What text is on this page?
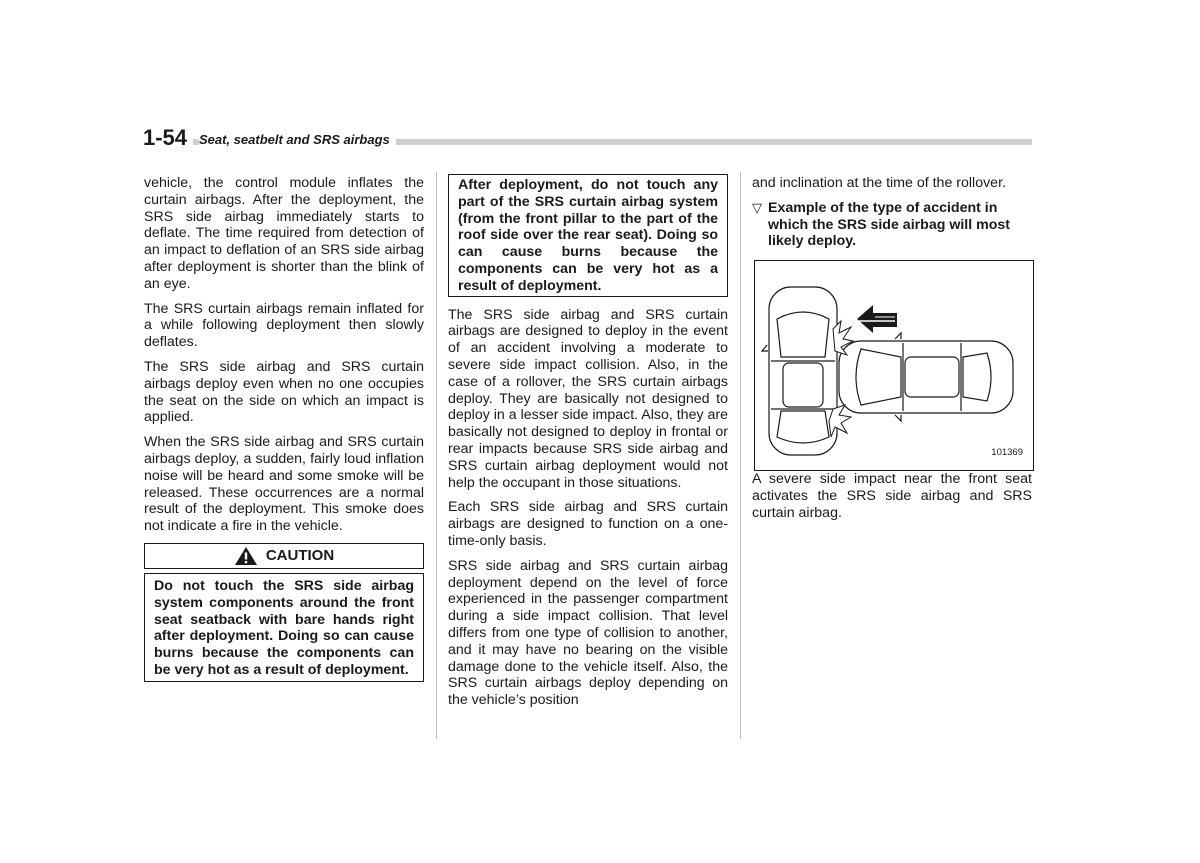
1-54 Seat, seatbelt and SRS airbags

vehicle, the control module inflates the curtain airbags. After the deployment, the SRS side airbag immediately starts to deflate. The time required from detection of an impact to deflation of an SRS side airbag after deployment is shorter than the blink of an eye.

The SRS curtain airbags remain inflated for a while following deployment then slowly deflates.

The SRS side airbag and SRS curtain airbags deploy even when no one occupies the seat on the side on which an impact is applied.

When the SRS side airbag and SRS curtain airbags deploy, a sudden, fairly loud inflation noise will be heard and some smoke will be released. These occurrences are a normal result of the deployment. This smoke does not indicate a fire in the vehicle.

CAUTION
Do not touch the SRS side airbag system components around the front seat seatback with bare hands right after deployment. Doing so can cause burns because the components can be very hot as a result of deployment.
After deployment, do not touch any part of the SRS curtain airbag system (from the front pillar to the part of the roof side over the rear seat). Doing so can cause burns because the components can be very hot as a result of deployment.

The SRS side airbag and SRS curtain airbags are designed to deploy in the event of an accident involving a moderate to severe side impact collision. Also, in the case of a rollover, the SRS curtain airbags deploy. They are basically not designed to deploy in a lesser side impact. Also, they are basically not designed to deploy in frontal or rear impacts because SRS side airbag and SRS curtain airbag deployment would not help the occupant in those situations.

Each SRS side airbag and SRS curtain airbags are designed to function on a one-time-only basis.

SRS side airbag and SRS curtain airbag deployment depend on the level of force experienced in the passenger compartment during a side impact collision. That level differs from one type of collision to another, and it may have no bearing on the visible damage done to the vehicle itself. Also, the SRS curtain airbags deploy depending on the vehicle’s position

and inclination at the time of the rollover.

▽ Example of the type of accident in which the SRS side airbag will most likely deploy.
101369

A severe side impact near the front seat activates the SRS side airbag and SRS curtain airbag.
